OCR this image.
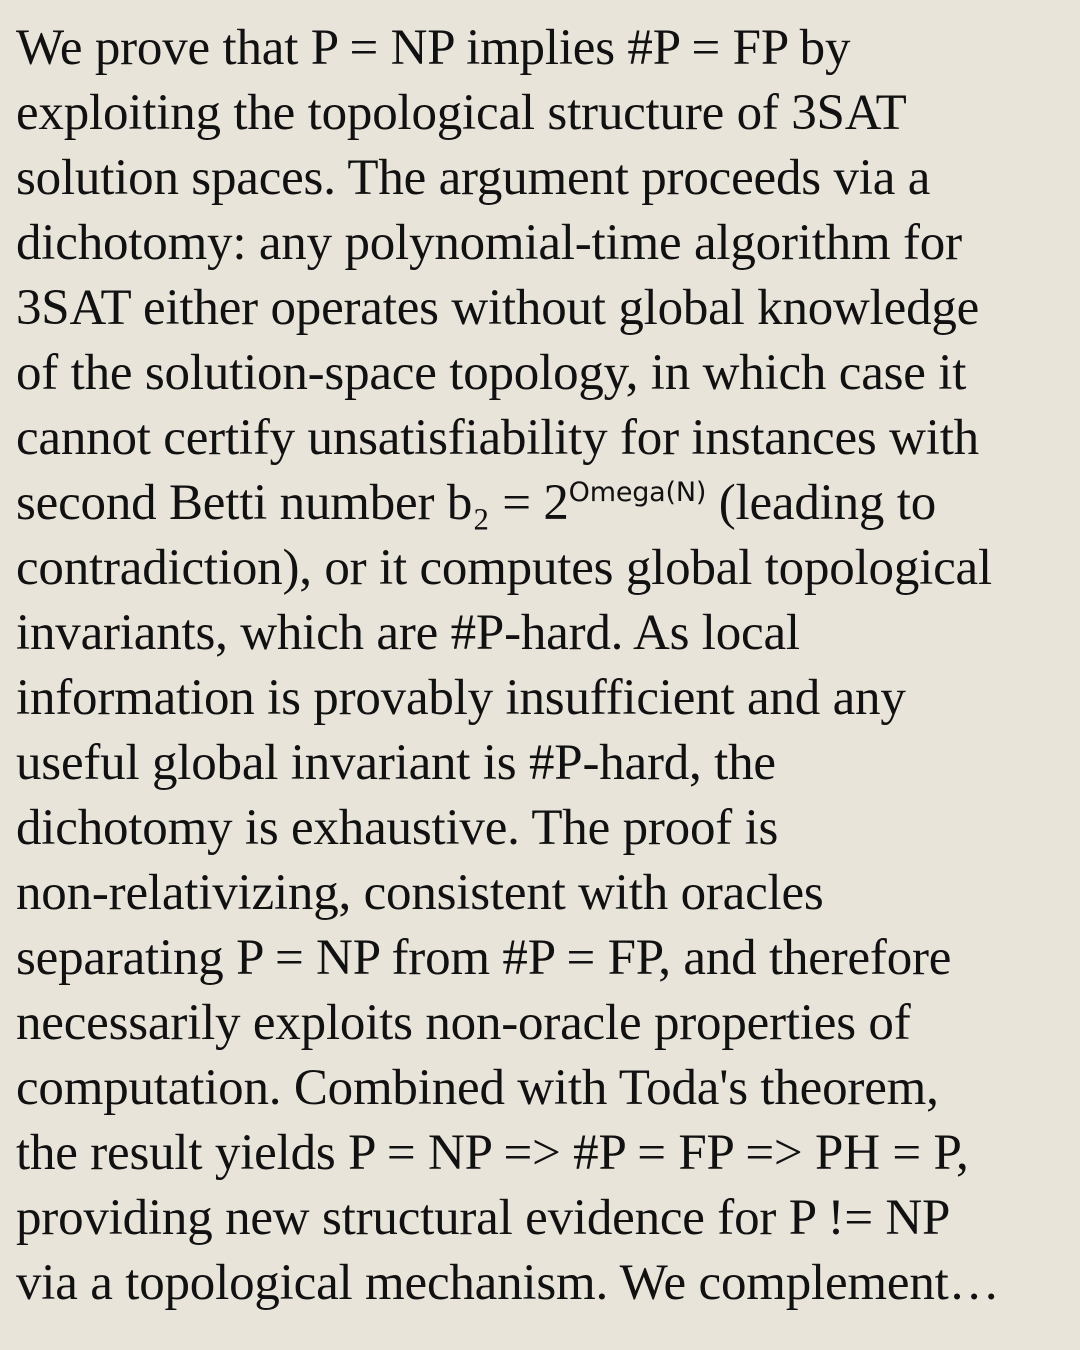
We prove that P = NP implies #P = FP by
exploiting the topological structure of 3SAT
solution spaces. The argument proceeds via a
dichotomy: any polynomial-time algorithm for
3SAT either operates without global knowledge
of the solution-space topology, in which case it
cannot certify unsatisfiability for instances with
second Betti number $b_2 = 2^{Omega(N)}$ (leading to
contradiction), or it computes global topological
invariants, which are #P-hard. As local
information is provably insufficient and any
useful global invariant is #P-hard, the
dichotomy is exhaustive. The proof is
non-relativizing, consistent with oracles
separating P = NP from #P = FP, and therefore
necessarily exploits non-oracle properties of
computation. Combined with Toda's theorem,
the result yields P = NP => #P = FP => PH = P,
providing new structural evidence for P != NP
via a topological mechanism. We complement…
